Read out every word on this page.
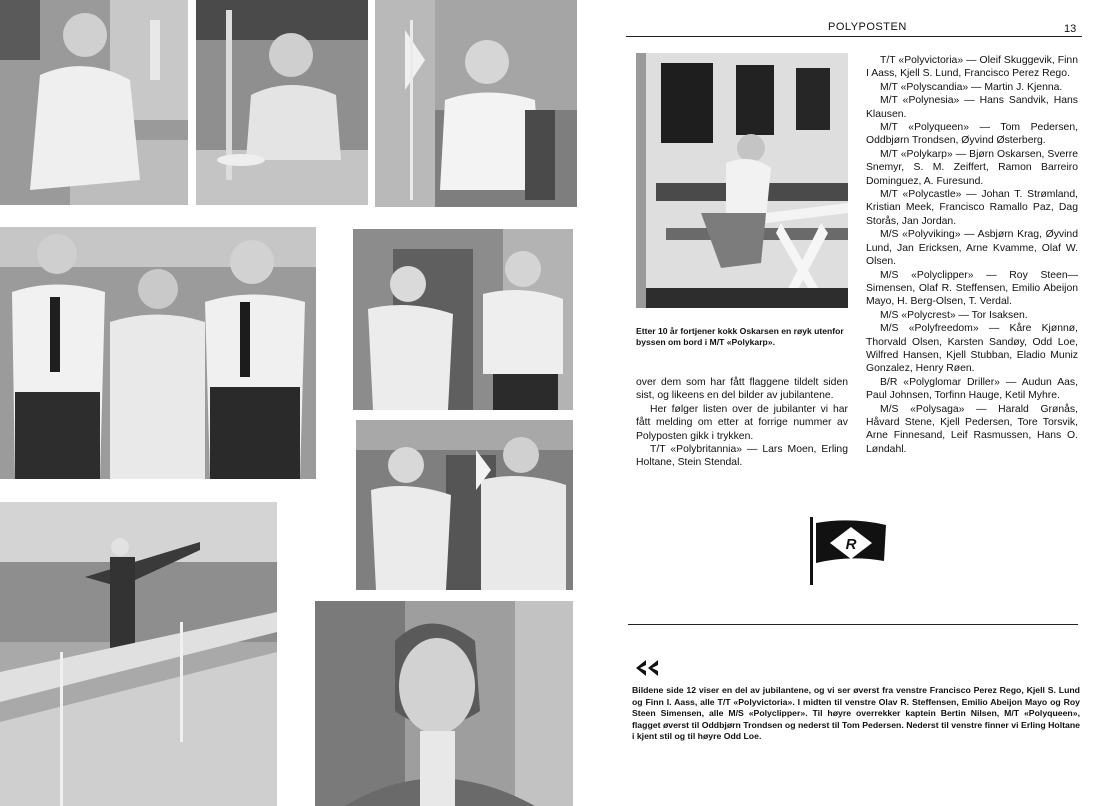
POLYPOSTEN	13
Etter 10 år fortjener kokk Oskarsen en røyk utenfor byssen om bord i M/T «Polykarp».

over dem som har fått flaggene tildelt siden sist, og likeens en del bilder av jubilantene.

Her følger listen over de jubilanter vi har fått melding om etter at forrige nummer av Polyposten gikk i trykken.

T/T «Polybritannia» — Lars Moen, Erling Holtane, Stein Stendal.

T/T «Polyvictoria» — Oleif Skuggevik, Finn I Aass, Kjell S. Lund, Francisco Perez Rego.

M/T «Polyscandia» — Martin J. Kjenna.

M/T «Polynesia» — Hans Sandvik, Hans Klausen.

M/T «Polyqueen» — Tom Pedersen, Oddbjørn Trondsen, Øyvind Østerberg.

M/T «Polykarp» — Bjørn Oskarsen, Sverre Snemyr, S. M. Zeiffert, Ramon Barreiro Dominguez, A. Furesund.

M/T «Polycastle» — Johan T. Strømland, Kristian Meek, Francisco Ramallo Paz, Dag Storås, Jan Jordan.

M/S «Polyviking» — Asbjørn Krag, Øyvind Lund, Jan Ericksen, Arne Kvamme, Olaf W. Olsen.

M/S «Polyclipper» — Roy Steen—Simensen, Olaf R. Steffensen, Emilio Abeijon Mayo, H. Berg-Olsen, T. Verdal.

M/S «Polycrest» — Tor Isaksen.

M/S «Polyfreedom» — Kåre Kjønnø, Thorvald Olsen, Karsten Sandøy, Odd Loe, Wilfred Hansen, Kjell Stubban, Eladio Muniz Gonzalez, Henry Røen.

B/R «Polyglomar Driller» — Audun Aas, Paul Johnsen, Torfinn Hauge, Ketil Myhre.

M/S «Polysaga» — Harald Grønås, Håvard Stene, Kjell Pedersen, Tore Torsvik, Arne Finnesand, Leif Rasmussen, Hans O. Løndahl.

R
Bildene side 12 viser en del av jubilantene, og vi ser øverst fra venstre Francisco Perez Rego, Kjell S. Lund og Finn I. Aass, alle T/T «Polyvictoria». I midten til venstre Olav R. Steffensen, Emilio Abeijon Mayo og Roy Steen Simensen, alle M/S «Polyclipper». Til høyre overrekker kaptein Bertin Nilsen, M/T «Polyqueen», flagget øverst til Oddbjørn Trondsen og nederst til Tom Pedersen. Nederst til venstre finner vi Erling Holtane i kjent stil og til høyre Odd Loe.
